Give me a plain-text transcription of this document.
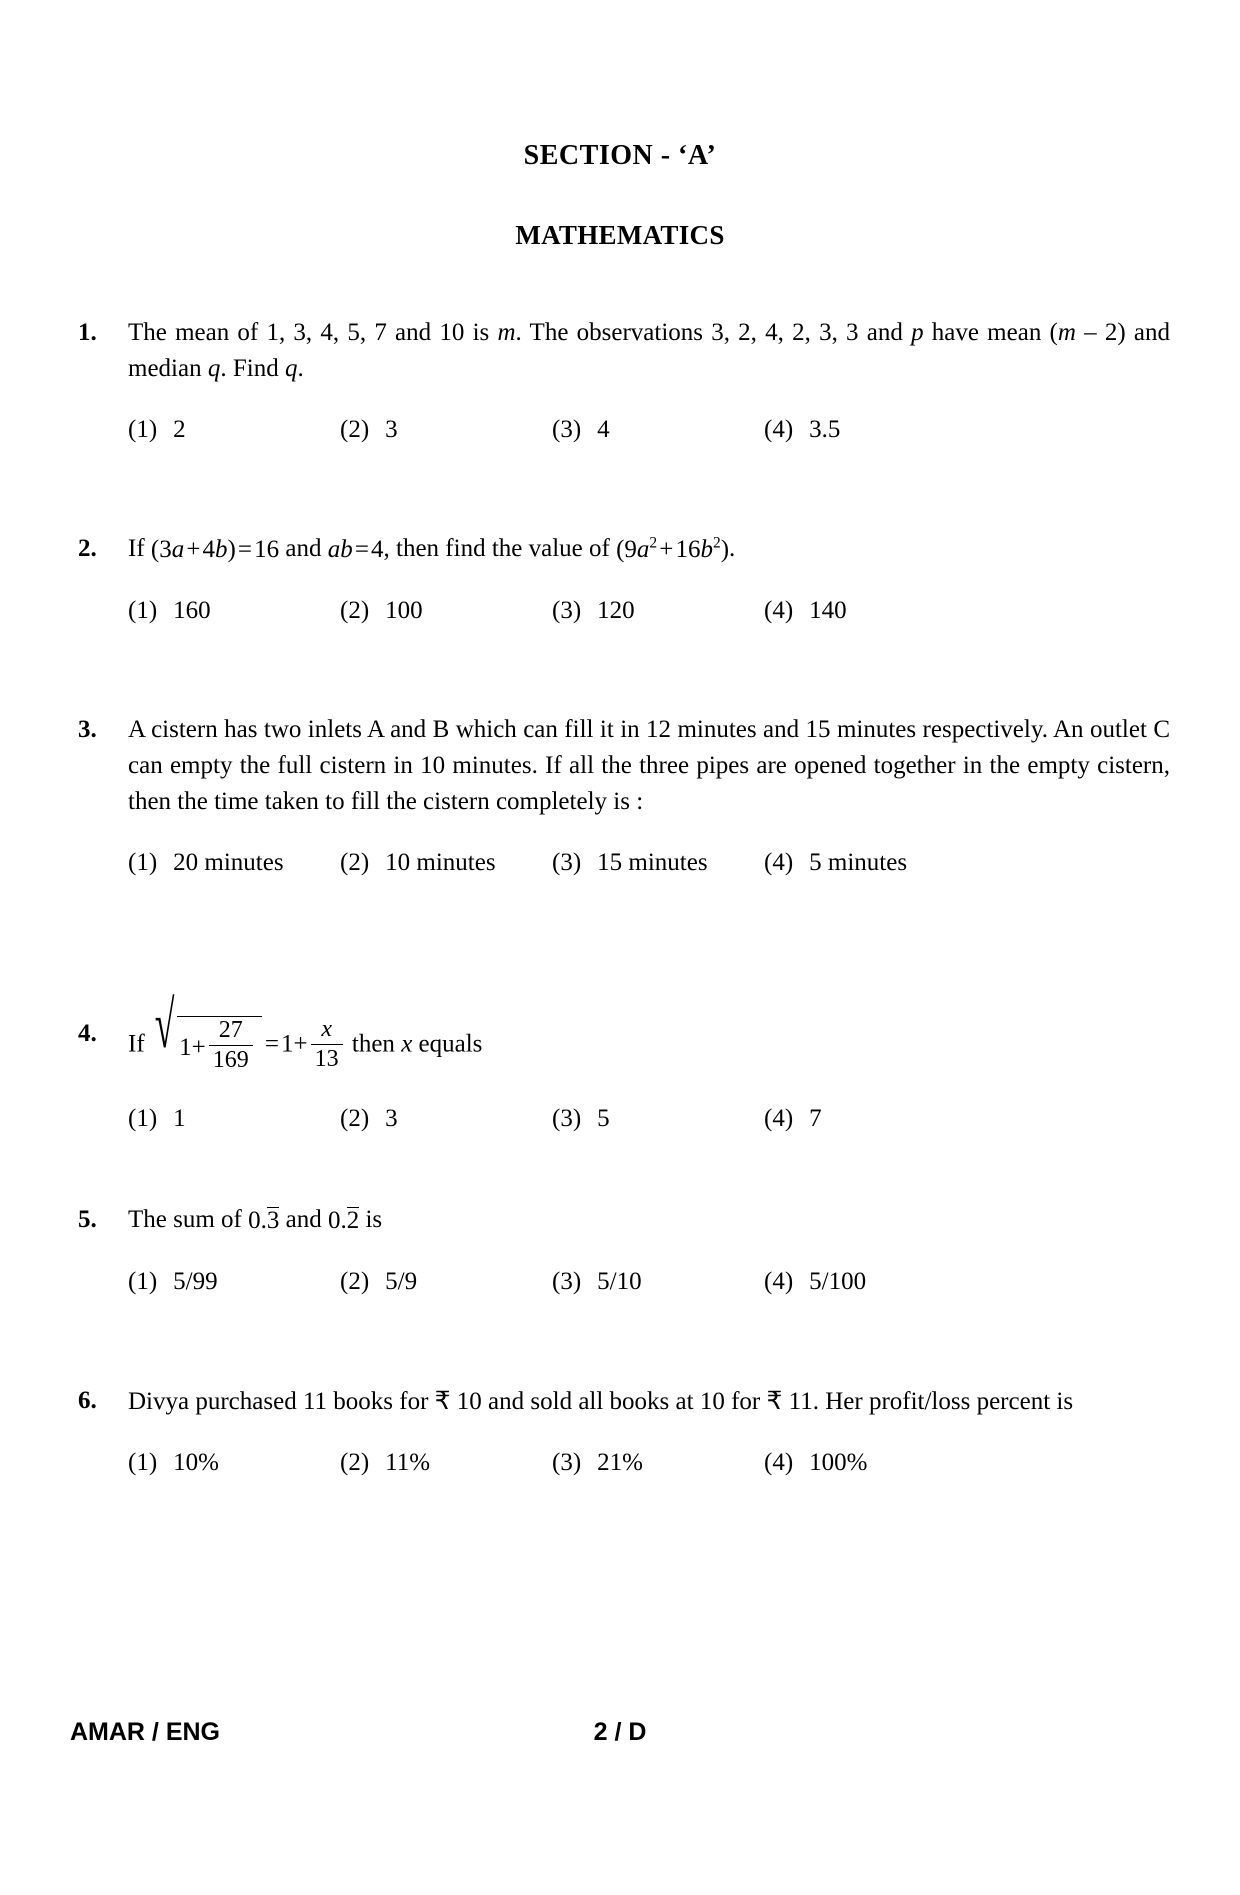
SECTION - ‘A’
MATHEMATICS
1.	The mean of 1, 3, 4, 5, 7 and 10 is m. The observations 3, 2, 4, 2, 3, 3 and p have mean (m – 2) and median q. Find q.
(1) 2	(2) 3	(3) 4	(4) 3.5
2.	If (3a + 4b) = 16 and ab = 4, then find the value of ($9a^2$ + $16b^2$).
(1) 160	(2) 100	(3) 120	(4) 140
3.	A cistern has two inlets A and B which can fill it in 12 minutes and 15 minutes respectively. An outlet C can empty the full cistern in 10 minutes. If all the three pipes are opened together in the empty cistern, then the time taken to fill the cistern completely is :
(1) 20 minutes (2) 10 minutes (3) 15 minutes (4) 5 minutes
4.	If √ $1+ \frac{27}{169}$  = $1+ \frac{x}{13}$ then x equals
(1) 1	(2) 3	(3) 5	(4) 7
5.	The sum of 0.3 and 0.2 is
(1) 5/99	(2) 5/9	(3) 5/10	(4) 5/100
6.	Divya purchased 11 books for ₹ 10 and sold all books at 10 for ₹ 11. Her profit/loss percent is
(1) 10%	(2) 11%	(3) 21%	(4) 100%
AMAR / ENG	2 / D
